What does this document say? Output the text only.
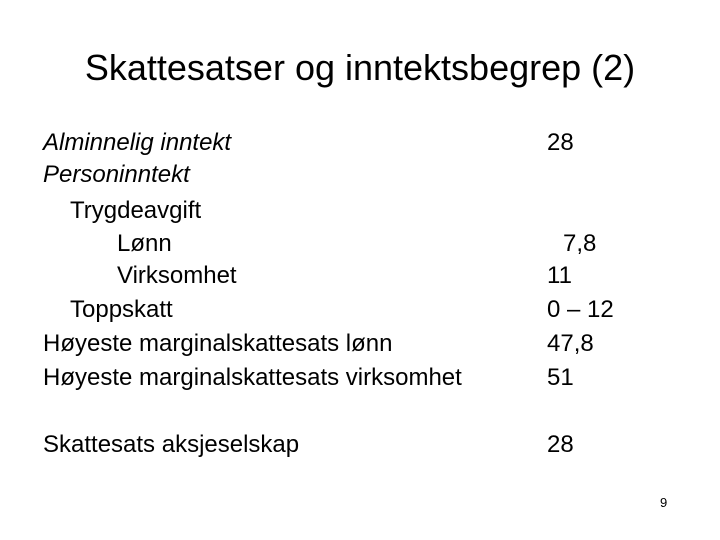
Skattesatser og inntektsbegrep (2)
Alminnelig inntekt	28
Personinntekt
Trygdeavgift
Lønn	7,8
Virksomhet	11
Toppskatt	0 – 12
Høyeste marginalskattesats lønn	47,8
Høyeste marginalskattesats virksomhet	51
Skattesats aksjeselskap	28
9
